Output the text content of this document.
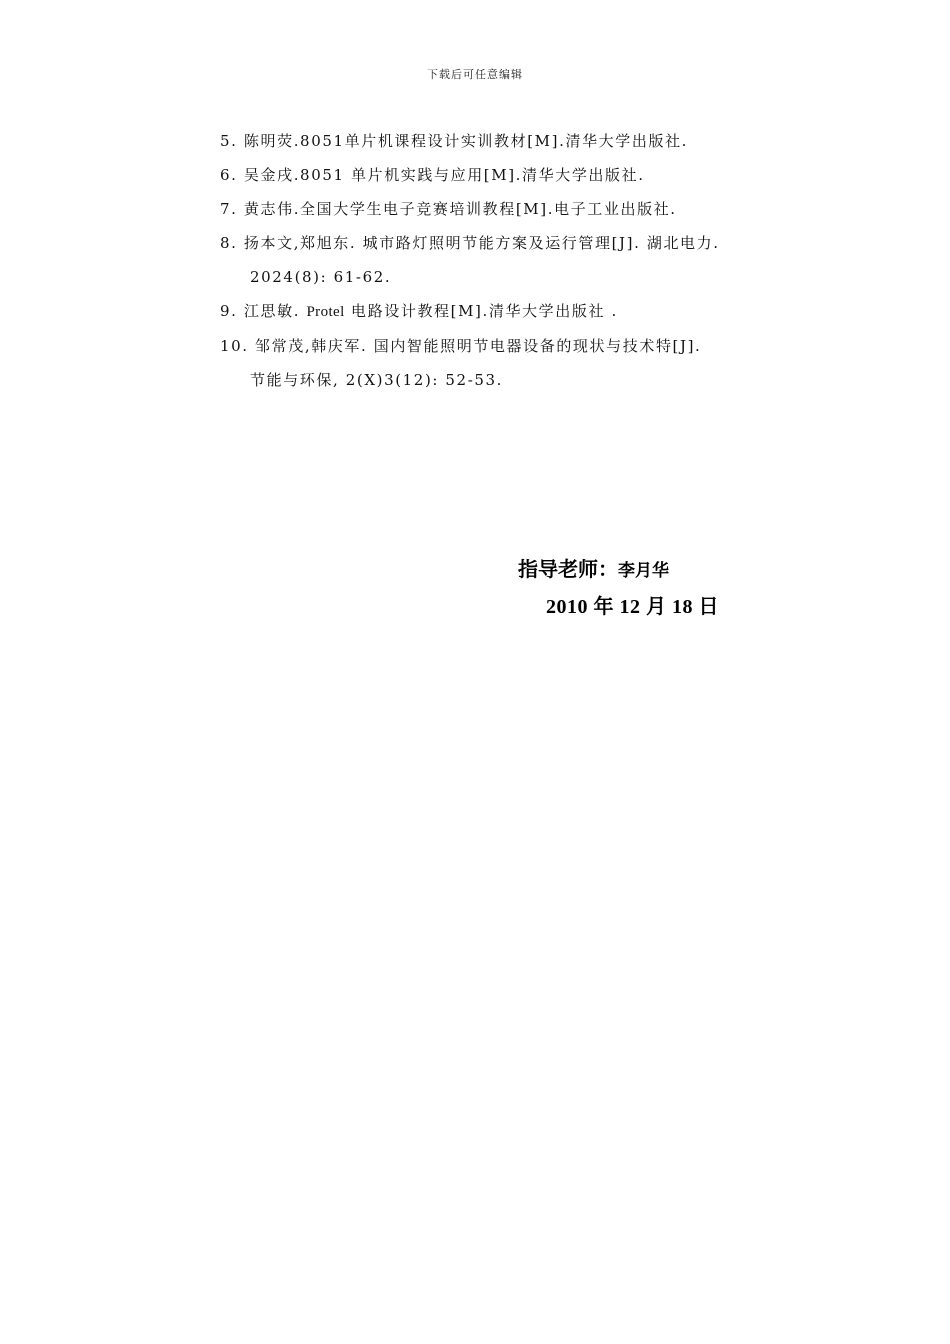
下载后可任意编辑
5. 陈明荧.8051单片机课程设计实训教材[M].清华大学出版社.
6. 吴金戌.8051 单片机实践与应用[M].清华大学出版社.
7. 黄志伟.全国大学生电子竞赛培训教程[M].电子工业出版社.
8. 扬本文,郑旭东. 城市路灯照明节能方案及运行管理[J]. 湖北电力.
2024(8): 61-62.
9. 江思敏. Protel 电路设计教程[M].清华大学出版社 .
10. 邹常茂,韩庆军. 国内智能照明节电器设备的现状与技术特[J].
节能与环保, 2(X)3(12): 52-53.
指导老师：李月华
2010 年 12 月 18 日
